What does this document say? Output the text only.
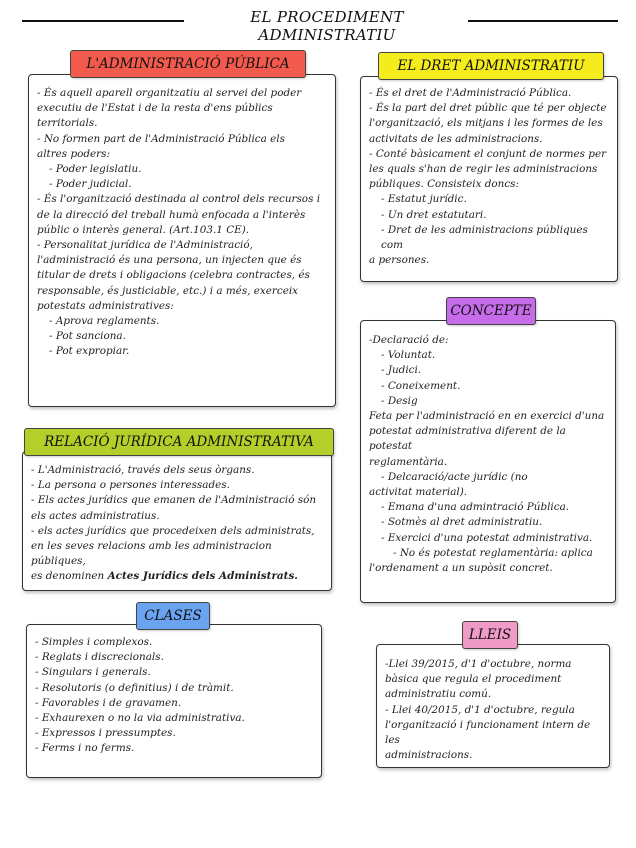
EL PROCEDIMENT ADMINISTRATIU

- És aquell aparell organitzatiu al servei del poder

executiu de l'Estat i de la resta d'ens públics

territorials.

- No formen part de l'Administració Pública els

altres poders:

- Poder legislatiu.

- Poder judicial.

- És l'organització destinada al control dels recursos i

de la direcció del treball humà enfocada a l'interès

públic o interès general. (Art.103.1 CE).

- Personalitat jurídica de l'Administració,

l'administració és una persona, un injecten que és

titular de drets i obligacions (celebra contractes, és

responsable, és justiciable, etc.) i a més, exerceix

potestats administratives:

- Aprova reglaments.

- Pot sanciona.

- Pot expropiar.

L'ADMINISTRACIÓ PÚBLICA

- És el dret de l'Administració Pública.

- És la part del dret públic que té per objecte

l'organització, els mitjans i les formes de les

activitats de les administracions.

- Conté bàsicament el conjunt de normes per

les quals s'han de regir les administracions

públiques. Consisteix doncs:

- Estatut jurídic.

- Un dret estatutari.

- Dret de les administracions públiques com

a persones.

EL DRET ADMINISTRATIU

-Declaració de:

- Voluntat.

- Judici.

- Coneixement.

- Desig

Feta per l'administració en en exercici d'una

potestat administrativa diferent de la potestat

reglamentària.

- Delcaració/acte jurídic (no

activitat material).

- Emana d'una admintració Pública.

- Sotmès al dret administratiu.

- Exercici d'una potestat administrativa.

- No és potestat reglamentària: aplica

l'ordenament a un supòsit concret.

CONCEPTE

- L'Administració, través dels seus òrgans.

- La persona o persones interessades.

- Els actes jurídics que emanen de l'Administració són

els actes administratius.

- els actes jurídics que procedeixen dels administrats,

en les seves relacions amb les administracion públiques,

es denominen Actes Jurídics dels Administrats.

RELACIÓ JURÍDICA ADMINISTRATIVA

- Simples i complexos.

- Reglats i discrecionals.

- Singulars i generals.

- Resolutoris (o definitius) i de tràmit.

- Favorables i de gravamen.

- Exhaurexen o no la via administrativa.

- Expressos i pressumptes.

- Ferms i no ferms.

CLASES

-Llei 39/2015, d'1 d'octubre, norma

bàsica que regula el procediment

administratiu comú.

- Llei 40/2015, d'1 d'octubre, regula

l'organització i funcionament intern de les

administracions.

LLEIS
